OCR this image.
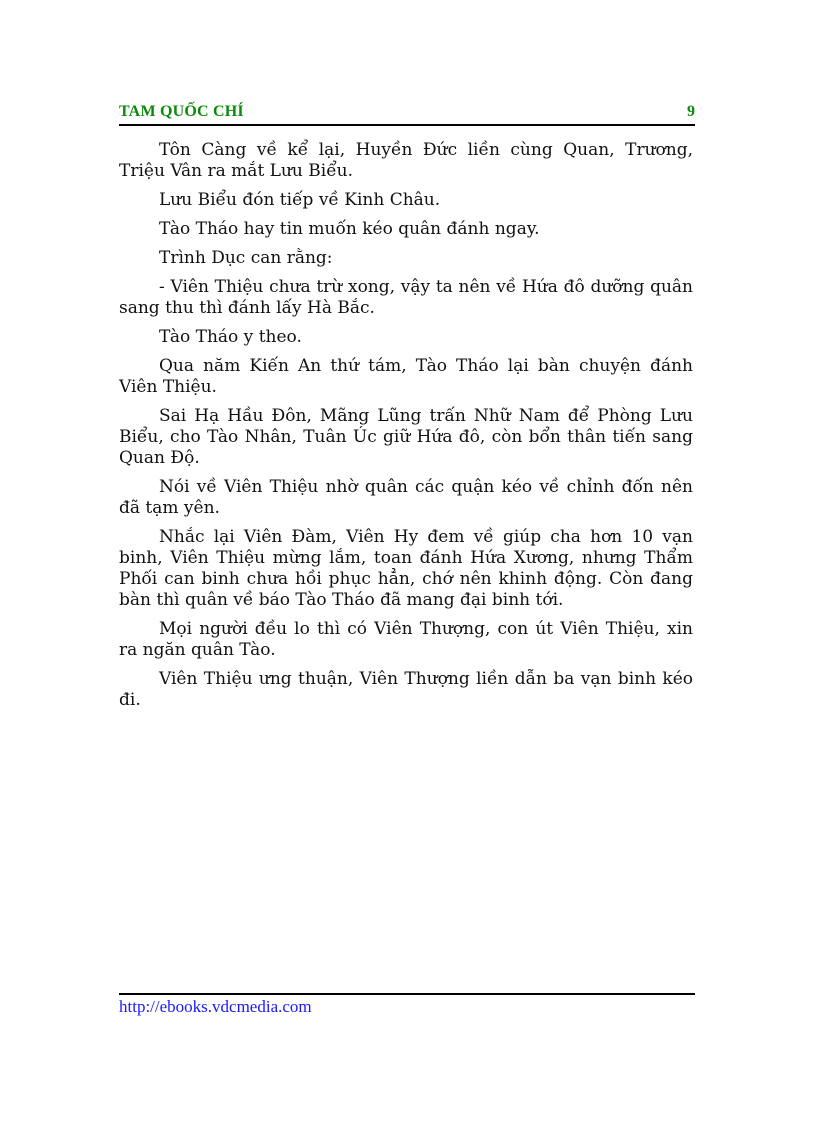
TAM QUỐC CHÍ	9

Tôn Càng về kể lại, Huyền Đức liền cùng Quan, Trương, Triệu Vân ra mắt Lưu Biểu.

Lưu Biểu đón tiếp về Kinh Châu.

Tào Tháo hay tin muốn kéo quân đánh ngay.

Trình Dục can rằng:

- Viên Thiệu chưa trừ xong, vậy ta nên về Hứa đô dưỡng quân sang thu thì đánh lấy Hà Bắc.

Tào Tháo y theo.

Qua năm Kiến An thứ tám, Tào Tháo lại bàn chuyện đánh Viên Thiệu.

Sai Hạ Hầu Đôn, Mãng Lũng trấn Nhữ Nam để Phòng Lưu Biểu, cho Tào Nhân, Tuân Úc giữ Hứa đô, còn bổn thân tiến sang Quan Độ.

Nói về Viên Thiệu nhờ quân các quận kéo về chỉnh đốn nên đã tạm yên.

Nhắc lại Viên Đàm, Viên Hy đem về giúp cha hơn 10 vạn binh, Viên Thiệu mừng lắm, toan đánh Hứa Xương, nhưng Thẩm Phối can binh chưa hồi phục hẳn, chớ nên khinh động. Còn đang bàn thì quân về báo Tào Tháo đã mang đại binh tới.

Mọi người đều lo thì có Viên Thượng, con út Viên Thiệu, xin ra ngăn quân Tào.

Viên Thiệu ưng thuận, Viên Thượng liền dẫn ba vạn binh kéo đi.

http://ebooks.vdcmedia.com
